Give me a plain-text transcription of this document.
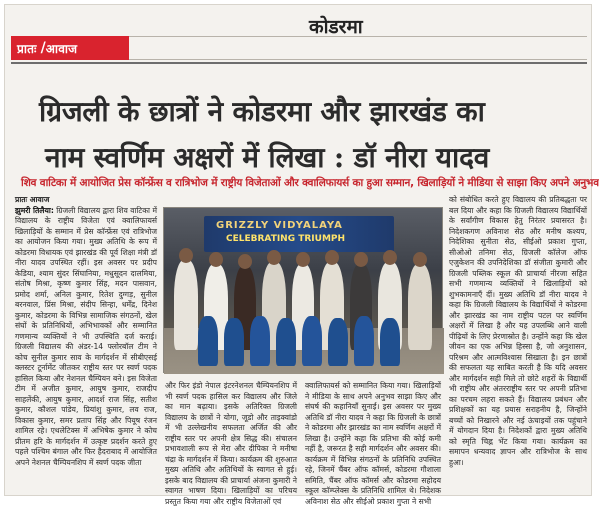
प्रातः / आवाज
कोडरमा
ग्रिजली के छात्रों ने कोडरमा और झारखंड का
नाम स्वर्णिम अक्षरों में लिखा : डॉ नीरा यादव
शिव वाटिका में आयोजित प्रेस कॉन्फ्रेंस व रात्रिभोज में राष्ट्रीय विजेताओं और क्वालिफायर्स का हुआ सम्मान, खिलाड़ियों ने मीडिया से साझा किए अपने अनुभव
प्रातः आवाज
झुमरी तिलैया: ग्रिजली विद्यालय द्वारा शिव वाटिका में विद्यालय के राष्ट्रीय विजेता एवं क्वालिफायर्स खिलाड़ियों के सम्मान में प्रेस कॉन्फ्रेंस एवं रात्रिभोज का आयोजन किया गया। मुख्य अतिथि के रूप में कोडरमा विधायक एवं झारखंड की पूर्व शिक्षा मंत्री डॉ नीरा यादव उपस्थित रहीं। इस अवसर पर प्रदीप केडिया, श्याम सुंदर सिंघानिया, मधुसूदन दालमिया, संतोष मिश्रा, कृष्ण कुमार सिंह, मदन पासवान, प्रमोद शर्मा, अनिल कुमार, रितेश दुग्गड़, सुनील बरनवाल, प्रिंस मिश्रा, संदीप सिन्हा, धर्मेंद्र, दिनेश कुमार, कोडरमा के विभिन्न सामाजिक संगठनों, खेल संघों के प्रतिनिधियों, अभिभावकों और सम्मानित गणमान्य व्यक्तियों ने भी उपस्थिति दर्ज कराई। ग्रिजली विद्यालय की अंडर-14 फ्लोरबॉल टीम ने कोच सुनील कुमार साव के मार्गदर्शन में सीबीएसई क्लस्टर टूर्नामेंट जीतकर राष्ट्रीय स्तर पर स्वर्ण पदक हासिल किया और नेशनल चैम्पियन बने। इस विजेता टीम में अजीत कुमार, आयुष कुमार, राजदीप साहलेंकी, आयुष कुमार, आदर्श राज सिंह, सतीश कुमार, कौशल पांडेय, प्रियांशु कुमार, लव राज, विकास कुमार, समर प्रताप सिंह और पियूष रंजन शामिल रहे। एथलेटिक्स में अभिषेक कुमार ने कोच प्रीतम हरि के मार्गदर्शन में उत्कृष्ट प्रदर्शन करते हुए पहले पश्चिम बंगाल और फिर हैदराबाद में आयोजित अपने नेशनल चैम्पियनशिप में स्वर्ण पदक जीता
GRIZZLY VIDYALAYA
CELEBRATING TRIUMPH
और फिर इंडो नेपाल इंटरनेशनल चैम्पियनशिप में भी स्वर्ण पदक हासिल कर विद्यालय और जिले का मान बढ़ाया। इसके अतिरिक्त ग्रिजली विद्यालय के छात्रों ने योगा, जूडो और ताइक्वांडो में भी उल्लेखनीय सफलता अर्जित की और राष्ट्रीय स्तर पर अपनी क्षेत्र सिद्ध की। संचालन प्रभावशाली रूप से मेरा और दीपिका ने मनीषा चंद्रा के मार्गदर्शन में किया। कार्यक्रम की शुरुआत मुख्य अतिथि और अतिथियों के स्वागत से हुई। इसके बाद विद्यालय की प्राचार्या अंजना कुमारी ने स्वागत भाषण दिया। खिलाड़ियों का परिचय प्रस्तुत किया गया और राष्ट्रीय विजेताओं एवं
क्वालिफायर्स को सम्मानित किया गया। खिलाड़ियों ने मीडिया के साथ अपने अनुभव साझा किए और संघर्ष की कहानियाँ सुनाईं। इस अवसर पर मुख्य अतिथि डॉ नीरा यादव ने कहा कि ग्रिजली के छात्रों ने कोडरमा और झारखंड का नाम स्वर्णिम अक्षरों में लिखा है। उन्होंने कहा कि प्रतिभा की कोई कमी नहीं है, जरूरत है सही मार्गदर्शन और अवसर की। कार्यक्रम में विभिन्न संगठनों के प्रतिनिधि उपस्थित रहे, जिनमें चैंबर ऑफ कॉमर्स, कोडरमा गौशाला समिति, चैंबर ऑफ कॉमर्स और कोडरमा सहोदय स्कूल कॉम्प्लेक्स के प्रतिनिधि शामिल थे। निदेशक अविनाश सेठ और सीईओ प्रकाश गुप्ता ने सभी
को संबोधित करते हुए विद्यालय की प्रतिबद्धता पर बल दिया और कहा कि ग्रिजली विद्यालय विद्यार्थियों के सर्वांगीण विकास हेतु निरंतर प्रयासरत है। निदेशकगण अविनाश सेठ और मनीष कश्यप, निदेशिका सुनीता सेठ, सीईओ प्रकाश गुप्ता, सीओओ तनिमा सेठ, ग्रिजली कॉलेज ऑफ एजुकेशन की उपनिदेशिका डॉ संजीता कुमारी और ग्रिजली पब्लिक स्कूल की प्राचार्या नीरजा सहित सभी गणमान्य व्यक्तियों ने खिलाड़ियों को शुभकामनाएँ दीं। मुख्य अतिथि डॉ नीरा यादव ने कहा कि ग्रिजली विद्यालय के विद्यार्थियों ने कोडरमा और झारखंड का नाम राष्ट्रीय पटल पर स्वर्णिम अक्षरों में लिखा है और यह उपलब्धि आने वाली पीढ़ियों के लिए प्रेरणास्रोत है। उन्होंने कहा कि खेल जीवन का एक अभिन्न हिस्सा है, जो अनुशासन, परिश्रम और आत्मविश्वास सिखाता है। इन छात्रों की सफलता यह साबित करती है कि यदि अवसर और मार्गदर्शन सही मिले तो छोटे शहरों के विद्यार्थी भी राष्ट्रीय और अंतरराष्ट्रीय स्तर पर अपनी प्रतिभा का परचम लहरा सकते हैं। विद्यालय प्रबंधन और प्रशिक्षकों का यह प्रयास सराहनीय है, जिन्होंने बच्चों को निखारने और नई ऊंचाइयों तक पहुंचाने में योगदान दिया है। निदेशकों द्वारा मुख्य अतिथि को स्मृति चिह्न भेंट किया गया। कार्यक्रम का समापन धन्यवाद ज्ञापन और रात्रिभोज के साथ हुआ।
